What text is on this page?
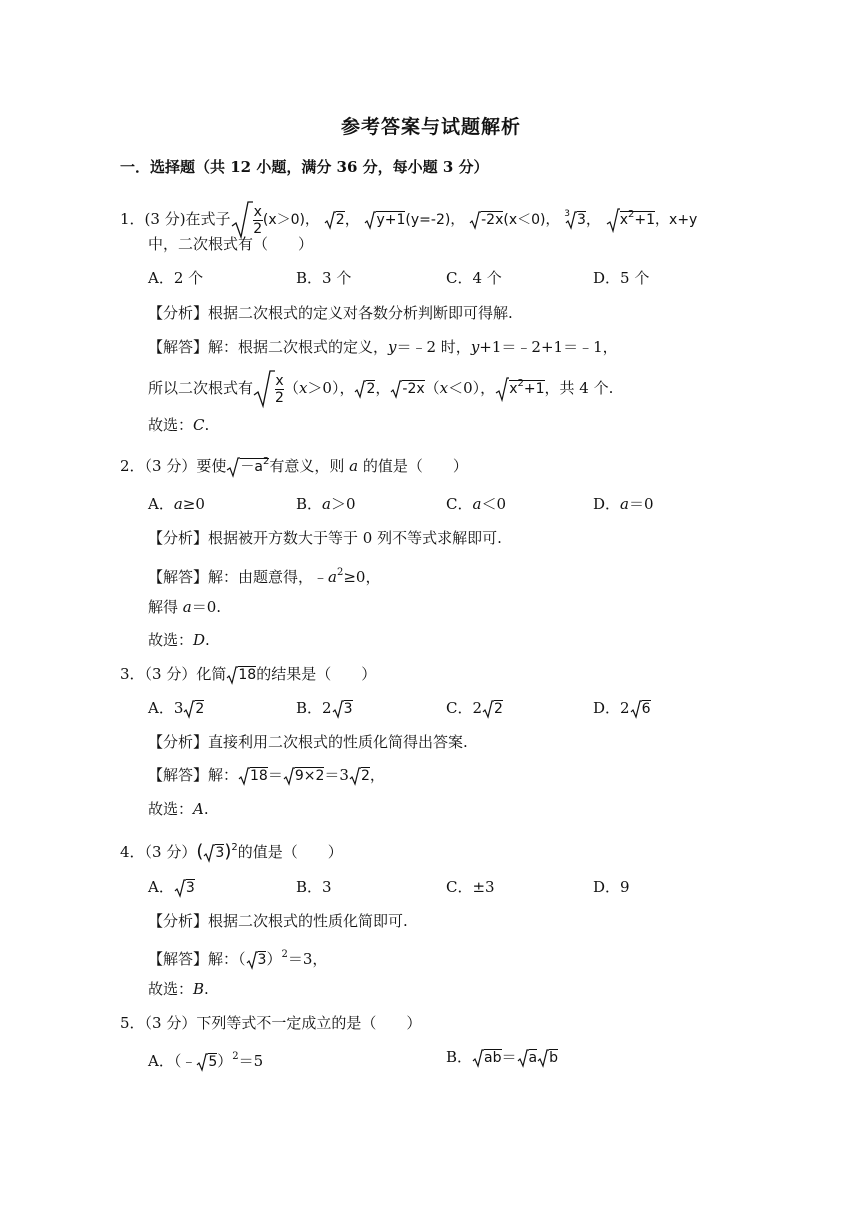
参考答案与试题解析
一．选择题（共 12 小题，满分 36 分，每小题 3 分）
1．(3 分)在式子 $\frac{x}{2} (x>0)$， 2， y+1(y=-2)， -2x(x＜0)， $^3$ 3， $x^2+1$，x+y
中，二次根式有（　　）
A．2 个	B．3 个	C．4 个	D．5 个
【分析】根据二次根式的定义对各数分析判断即可得解.
【解答】解：根据二次根式的定义，y＝﹣2 时，y+1＝﹣2+1＝﹣1，
所以二次根式有 $\frac{x}{2} (x>0)$， 2， -2x（x＜0）， $x^2+1$，共 4 个.
故选：C.
2．（3 分）要使 $-a^2$有意义，则 a 的值是（　　）
A．a≥0	B．a＞0	C．a＜0	D．a＝0
【分析】根据被开方数大于等于 0 列不等式求解即可.
【解答】解：由题意得，$﹣a^2\ge 0$，
解得 a＝0.
故选：D.
3．（3 分）化简 18的结果是（　　）
A．3 2	B．2 3	C．2 2	D．2 6
【分析】直接利用二次根式的性质化简得出答案.
【解答】解： 18＝ 9×2＝3 2，
故选：A.
4．（3 分）( 3)$^2$的值是（　　）
A． 3	B．3	C．±3	D．9
【分析】根据二次根式的性质化简即可.
【解答】解：（ 3）$^2$＝3，
故选：B.
5．（3 分）下列等式不一定成立的是（　　）
A．（﹣ 5）$^2$＝5	B． ab＝ a b
